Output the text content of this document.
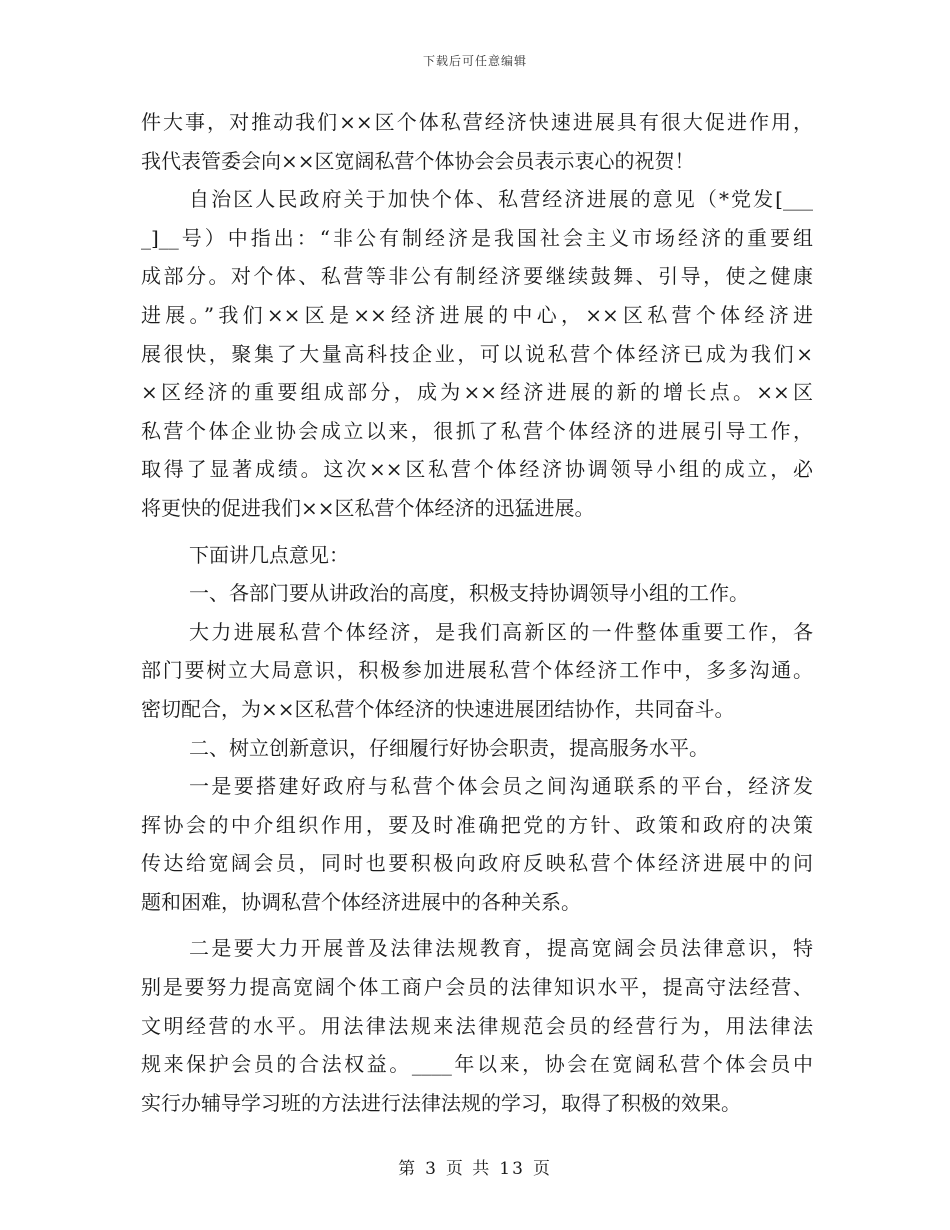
下载后可任意编辑
件大事，对推动我们××区个体私营经济快速进展具有很大促进作用，
我代表管委会向××区宽阔私营个体协会会员表示衷心的祝贺！
自治区人民政府关于加快个体、私营经济进展的意见（*党发[___
_]__号）中指出：“非公有制经济是我国社会主义市场经济的重要组
成部分。对个体、私营等非公有制经济要继续鼓舞、引导，使之健康
进展。”我们××区是××经济进展的中心，××区私营个体经济进
展很快，聚集了大量高科技企业，可以说私营个体经济已成为我们×
×区经济的重要组成部分，成为××经济进展的新的增长点。××区
私营个体企业协会成立以来，很抓了私营个体经济的进展引导工作，
取得了显著成绩。这次××区私营个体经济协调领导小组的成立，必
将更快的促进我们××区私营个体经济的迅猛进展。
下面讲几点意见：
一、各部门要从讲政治的高度，积极支持协调领导小组的工作。
大力进展私营个体经济，是我们高新区的一件整体重要工作，各
部门要树立大局意识，积极参加进展私营个体经济工作中，多多沟通。
密切配合，为××区私营个体经济的快速进展团结协作，共同奋斗。
二、树立创新意识，仔细履行好协会职责，提高服务水平。
一是要搭建好政府与私营个体会员之间沟通联系的平台，经济发
挥协会的中介组织作用，要及时准确把党的方针、政策和政府的决策
传达给宽阔会员，同时也要积极向政府反映私营个体经济进展中的问
题和困难，协调私营个体经济进展中的各种关系。
二是要大力开展普及法律法规教育，提高宽阔会员法律意识，特
别是要努力提高宽阔个体工商户会员的法律知识水平，提高守法经营、
文明经营的水平。用法律法规来法律规范会员的经营行为，用法律法
规来保护会员的合法权益。____年以来，协会在宽阔私营个体会员中
实行办辅导学习班的方法进行法律法规的学习，取得了积极的效果。
第 3 页 共 13 页
